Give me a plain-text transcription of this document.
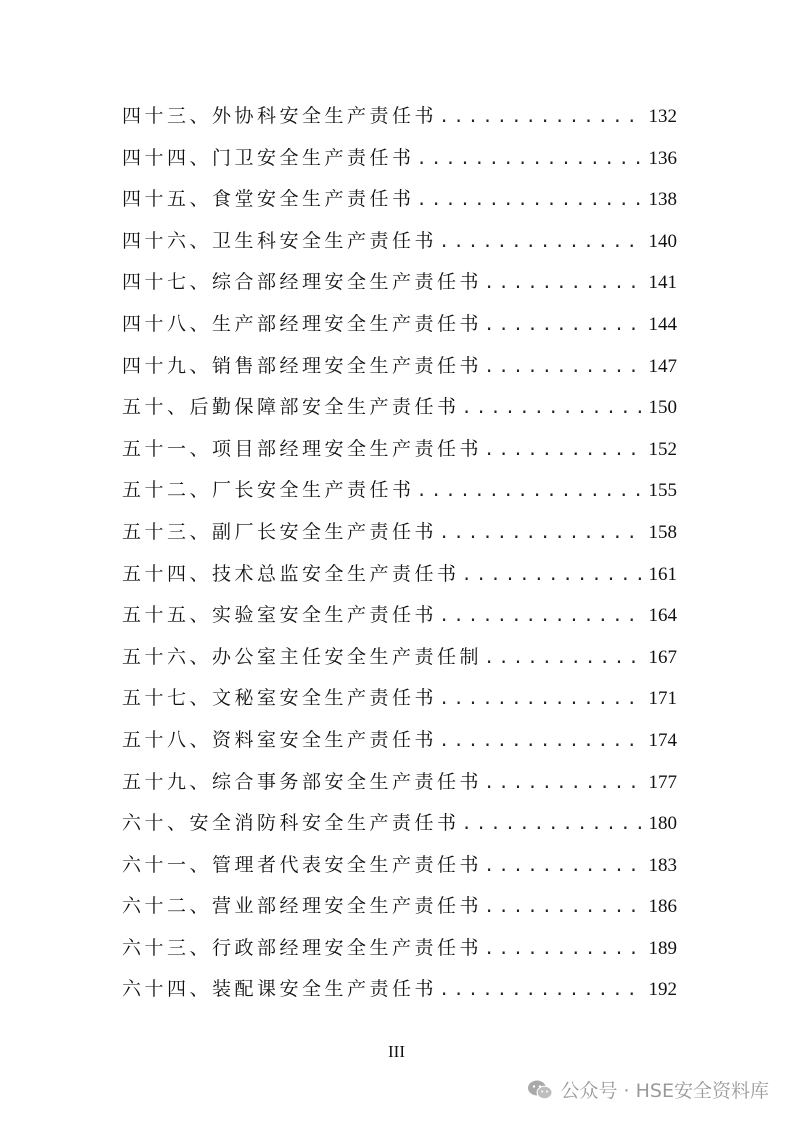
四十三、外协科安全生产责任书 .....	132
四十四、门卫安全生产责任书 .....	136
四十五、食堂安全生产责任书 .....	138
四十六、卫生科安全生产责任书 .....	140
四十七、综合部经理安全生产责任书 .....	141
四十八、生产部经理安全生产责任书 .....	144
四十九、销售部经理安全生产责任书 .....	147
五十、后勤保障部安全生产责任书 .....	150
五十一、项目部经理安全生产责任书 .....	152
五十二、厂长安全生产责任书 .....	155
五十三、副厂长安全生产责任书 .....	158
五十四、技术总监安全生产责任书 .....	161
五十五、实验室安全生产责任书 .....	164
五十六、办公室主任安全生产责任制 .....	167
五十七、文秘室安全生产责任书 .....	171
五十八、资料室安全生产责任书 .....	174
五十九、综合事务部安全生产责任书 .....	177
六十、安全消防科安全生产责任书 .....	180
六十一、管理者代表安全生产责任书 .....	183
六十二、营业部经理安全生产责任书 .....	186
六十三、行政部经理安全生产责任书 .....	189
六十四、装配课安全生产责任书 .....	192
III
公众号 · HSE安全资料库
